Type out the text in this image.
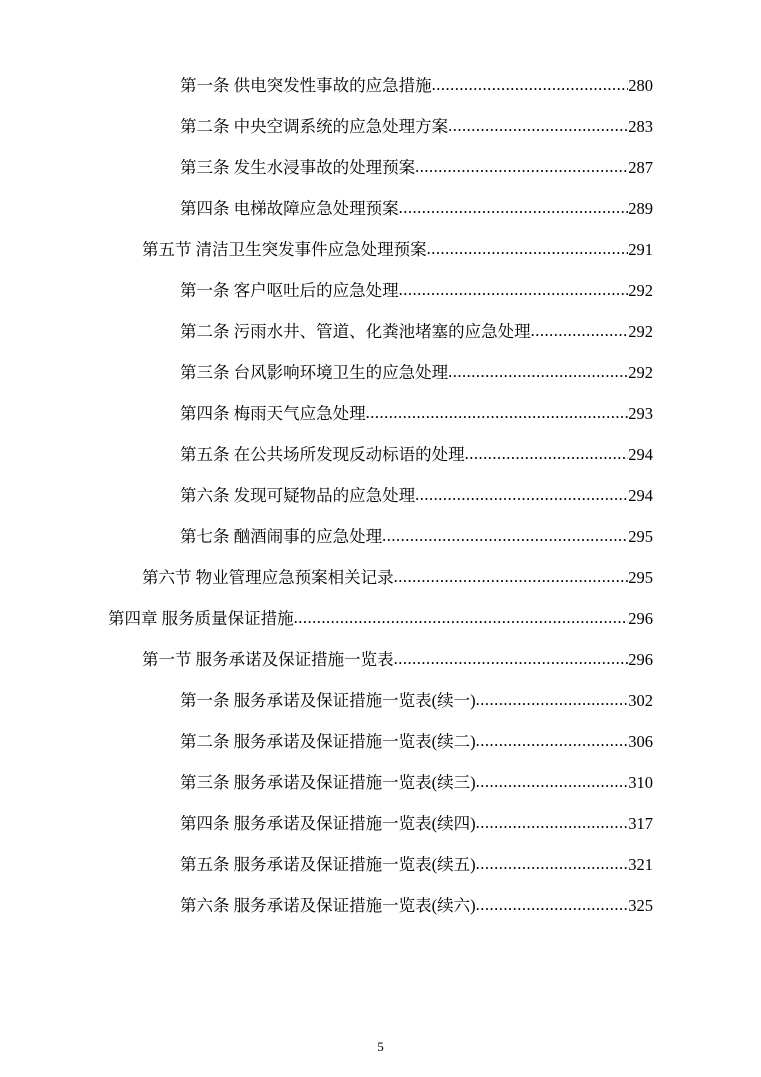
第一条 供电突发性事故的应急措施 .....	280
第二条 中央空调系统的应急处理方案 .....	283
第三条 发生水浸事故的处理预案 .....	287
第四条 电梯故障应急处理预案 .....	289
第五节 清洁卫生突发事件应急处理预案 .....	291
第一条 客户呕吐后的应急处理 .....	292
第二条 污雨水井、管道、化粪池堵塞的应急处理 .....	292
第三条 台风影响环境卫生的应急处理 .....	292
第四条 梅雨天气应急处理 .....	293
第五条 在公共场所发现反动标语的处理 .....	294
第六条 发现可疑物品的应急处理 .....	294
第七条 酗酒闹事的应急处理 .....	295
第六节 物业管理应急预案相关记录 .....	295
第四章 服务质量保证措施 .....	296
第一节 服务承诺及保证措施一览表 .....	296
第一条 服务承诺及保证措施一览表(续一) .....	302
第二条 服务承诺及保证措施一览表(续二) .....	306
第三条 服务承诺及保证措施一览表(续三) .....	310
第四条 服务承诺及保证措施一览表(续四) .....	317
第五条 服务承诺及保证措施一览表(续五) .....	321
第六条 服务承诺及保证措施一览表(续六) .....	325
5
